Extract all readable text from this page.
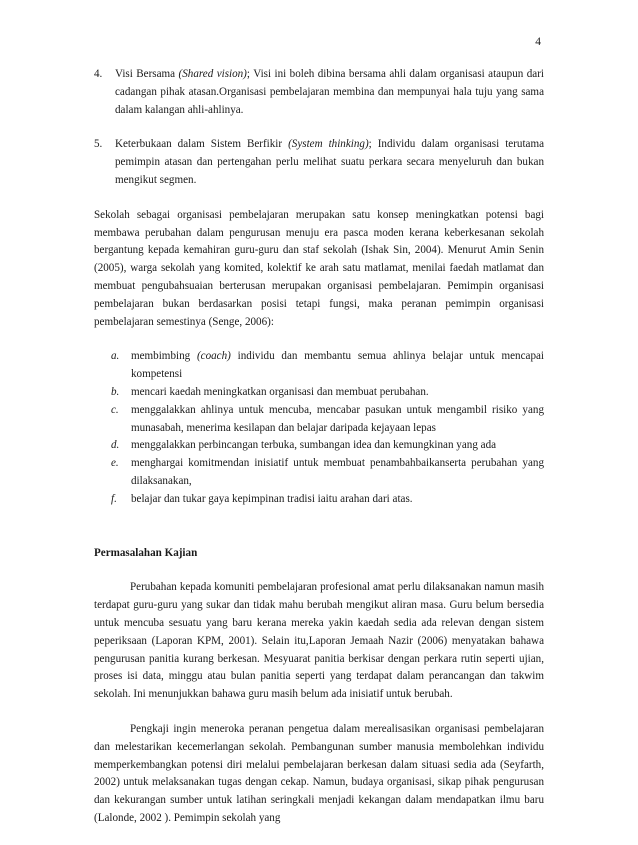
4
4. Visi Bersama (Shared vision); Visi ini boleh dibina bersama ahli dalam organisasi ataupun dari cadangan pihak atasan.Organisasi pembelajaran membina dan mempunyai hala tuju yang sama dalam kalangan ahli-ahlinya.
5. Keterbukaan dalam Sistem Berfikir (System thinking); Individu dalam organisasi terutama pemimpin atasan dan pertengahan perlu melihat suatu perkara secara menyeluruh dan bukan mengikut segmen.

Sekolah sebagai organisasi pembelajaran merupakan satu konsep meningkatkan potensi bagi membawa perubahan dalam pengurusan menuju era pasca moden kerana keberkesanan sekolah bergantung kepada kemahiran guru-guru dan staf sekolah (Ishak Sin, 2004). Menurut Amin Senin (2005), warga sekolah yang komited, kolektif ke arah satu matlamat, menilai faedah matlamat dan membuat pengubahsuaian berterusan merupakan organisasi pembelajaran. Pemimpin organisasi pembelajaran bukan berdasarkan posisi tetapi fungsi, maka peranan pemimpin organisasi pembelajaran semestinya (Senge, 2006):

a. membimbing (coach) individu dan membantu semua ahlinya belajar untuk mencapai kompetensi
b. mencari kaedah meningkatkan organisasi dan membuat perubahan.
c. menggalakkan ahlinya untuk mencuba, mencabar pasukan untuk mengambil risiko yang munasabah, menerima kesilapan dan belajar daripada kejayaan lepas
d. menggalakkan perbincangan terbuka, sumbangan idea dan kemungkinan yang ada
e. menghargai komitmendan inisiatif untuk membuat penambahbaikanserta perubahan yang dilaksanakan,
f. belajar dan tukar gaya kepimpinan tradisi iaitu arahan dari atas.
Permasalahan Kajian

Perubahan kepada komuniti pembelajaran profesional amat perlu dilaksanakan namun masih terdapat guru-guru yang sukar dan tidak mahu berubah mengikut aliran masa. Guru belum bersedia untuk mencuba sesuatu yang baru kerana mereka yakin kaedah sedia ada relevan dengan sistem peperiksaan (Laporan KPM, 2001). Selain itu,Laporan Jemaah Nazir (2006) menyatakan bahawa pengurusan panitia kurang berkesan. Mesyuarat panitia berkisar dengan perkara rutin seperti ujian, proses isi data, minggu atau bulan panitia seperti yang terdapat dalam perancangan dan takwim sekolah. Ini menunjukkan bahawa guru masih belum ada inisiatif untuk berubah.

Pengkaji ingin meneroka peranan pengetua dalam merealisasikan organisasi pembelajaran dan melestarikan kecemerlangan sekolah. Pembangunan sumber manusia membolehkan individu memperkembangkan potensi diri melalui pembelajaran berkesan dalam situasi sedia ada (Seyfarth, 2002) untuk melaksanakan tugas dengan cekap. Namun, budaya organisasi, sikap pihak pengurusan dan kekurangan sumber untuk latihan seringkali menjadi kekangan dalam mendapatkan ilmu baru (Lalonde, 2002 ). Pemimpin sekolah yang
